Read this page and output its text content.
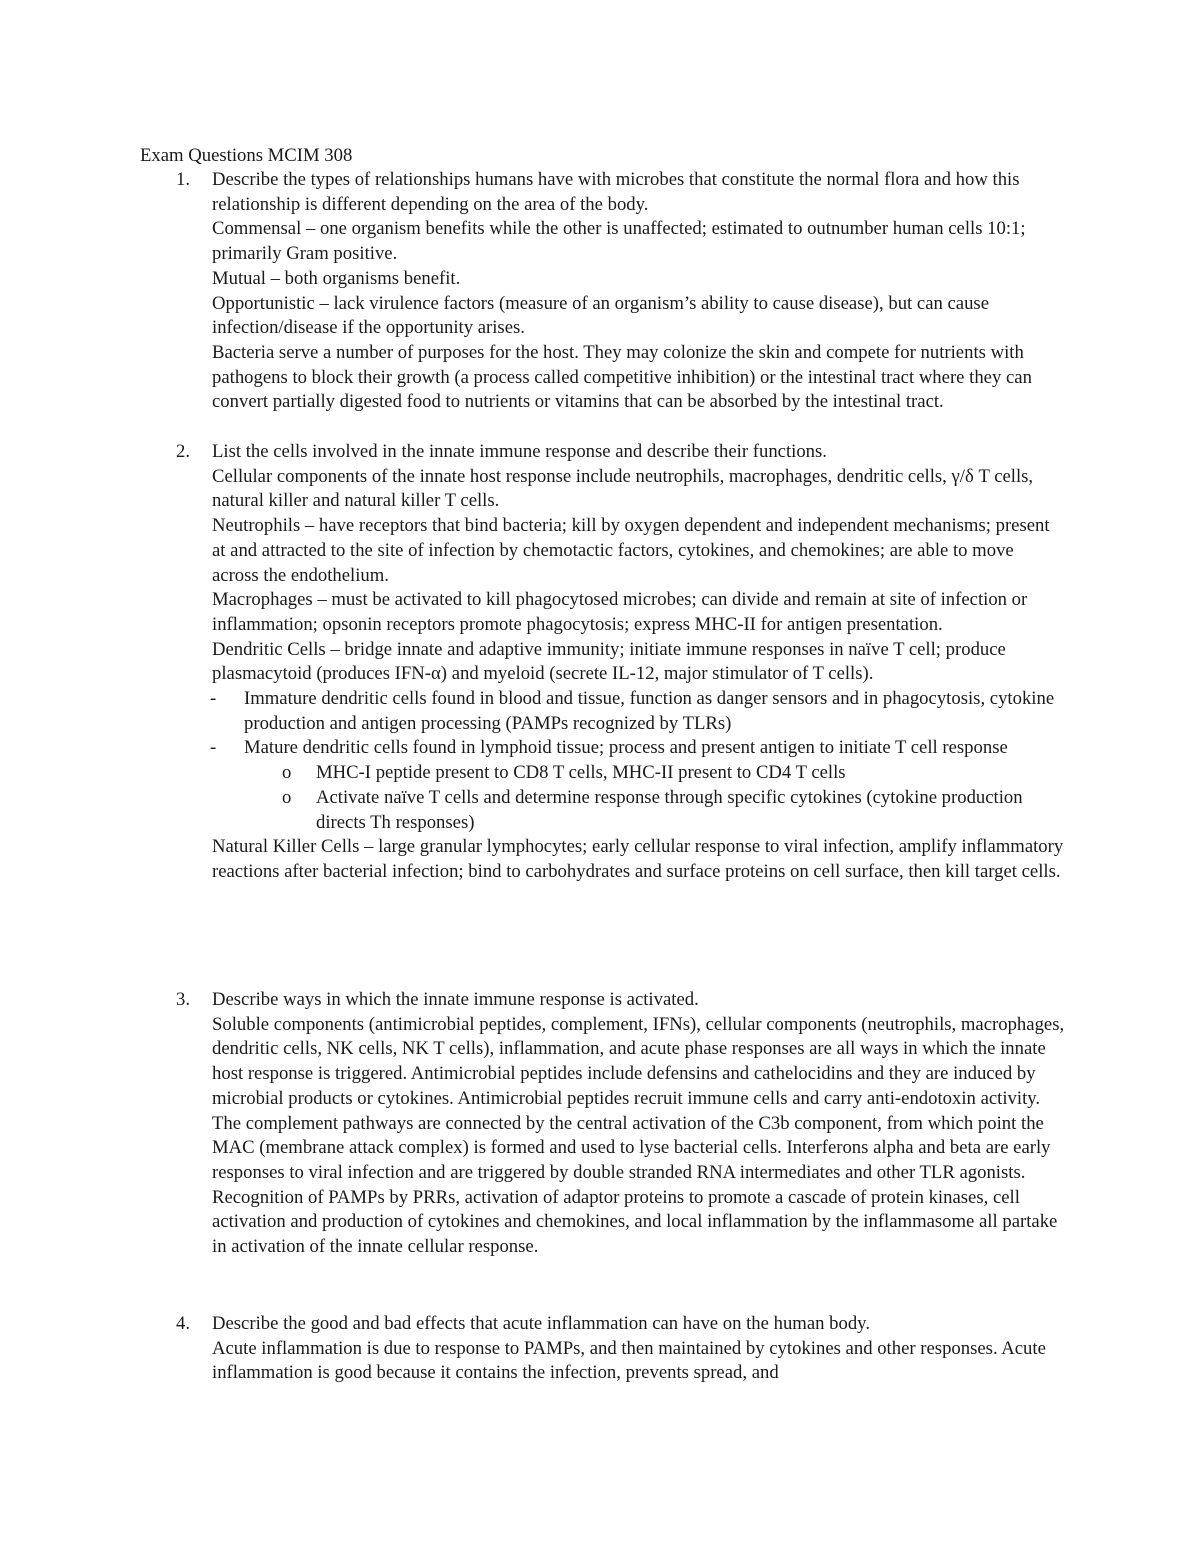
Exam Questions MCIM 308
1. Describe the types of relationships humans have with microbes that constitute the normal flora and how this relationship is different depending on the area of the body.

Commensal – one organism benefits while the other is unaffected; estimated to outnumber human cells 10:1; primarily Gram positive.

Mutual – both organisms benefit.

Opportunistic – lack virulence factors (measure of an organism’s ability to cause disease), but can cause infection/disease if the opportunity arises.

Bacteria serve a number of purposes for the host. They may colonize the skin and compete for nutrients with pathogens to block their growth (a process called competitive inhibition) or the intestinal tract where they can convert partially digested food to nutrients or vitamins that can be absorbed by the intestinal tract.

2. List the cells involved in the innate immune response and describe their functions.

Cellular components of the innate host response include neutrophils, macrophages, dendritic cells, γ/δ T cells, natural killer and natural killer T cells.

Neutrophils – have receptors that bind bacteria; kill by oxygen dependent and independent mechanisms; present at and attracted to the site of infection by chemotactic factors, cytokines, and chemokines; are able to move across the endothelium.

Macrophages – must be activated to kill phagocytosed microbes; can divide and remain at site of infection or inflammation; opsonin receptors promote phagocytosis; express MHC-II for antigen presentation.

Dendritic Cells – bridge innate and adaptive immunity; initiate immune responses in naïve T cell; produce plasmacytoid (produces IFN-α) and myeloid (secrete IL-12, major stimulator of T cells).

- Immature dendritic cells found in blood and tissue, function as danger sensors and in phagocytosis, cytokine production and antigen processing (PAMPs recognized by TLRs)
- Mature dendritic cells found in lymphoid tissue; process and present antigen to initiate T cell response
o MHC-I peptide present to CD8 T cells, MHC-II present to CD4 T cells
o Activate naïve T cells and determine response through specific cytokines (cytokine production directs Th responses)

Natural Killer Cells – large granular lymphocytes; early cellular response to viral infection, amplify inflammatory reactions after bacterial infection; bind to carbohydrates and surface proteins on cell surface, then kill target cells.

3. Describe ways in which the innate immune response is activated.

Soluble components (antimicrobial peptides, complement, IFNs), cellular components (neutrophils, macrophages, dendritic cells, NK cells, NK T cells), inflammation, and acute phase responses are all ways in which the innate host response is triggered. Antimicrobial peptides include defensins and cathelocidins and they are induced by microbial products or cytokines. Antimicrobial peptides recruit immune cells and carry anti-endotoxin activity. The complement pathways are connected by the central activation of the C3b component, from which point the MAC (membrane attack complex) is formed and used to lyse bacterial cells. Interferons alpha and beta are early responses to viral infection and are triggered by double stranded RNA intermediates and other TLR agonists. Recognition of PAMPs by PRRs, activation of adaptor proteins to promote a cascade of protein kinases, cell activation and production of cytokines and chemokines, and local inflammation by the inflammasome all partake in activation of the innate cellular response.

4. Describe the good and bad effects that acute inflammation can have on the human body.

Acute inflammation is due to response to PAMPs, and then maintained by cytokines and other responses. Acute inflammation is good because it contains the infection, prevents spread, and
